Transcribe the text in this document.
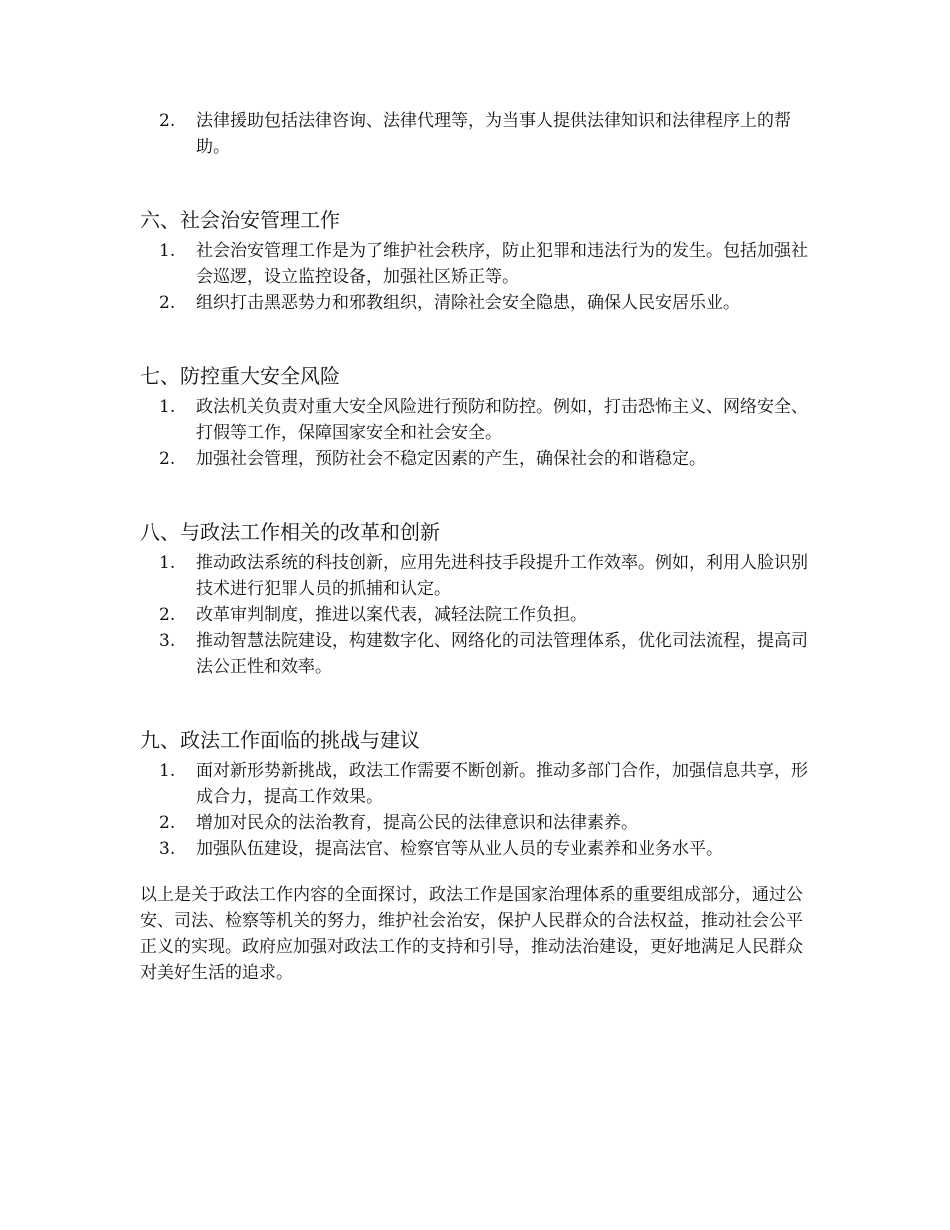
2. 法律援助包括法律咨询、法律代理等，为当事人提供法律知识和法律程序上的帮助。
六、社会治安管理工作
1. 社会治安管理工作是为了维护社会秩序，防止犯罪和违法行为的发生。包括加强社会巡逻，设立监控设备，加强社区矫正等。
2. 组织打击黑恶势力和邪教组织，清除社会安全隐患，确保人民安居乐业。
七、防控重大安全风险
1. 政法机关负责对重大安全风险进行预防和防控。例如，打击恐怖主义、网络安全、打假等工作，保障国家安全和社会安全。
2. 加强社会管理，预防社会不稳定因素的产生，确保社会的和谐稳定。
八、与政法工作相关的改革和创新
1. 推动政法系统的科技创新，应用先进科技手段提升工作效率。例如，利用人脸识别技术进行犯罪人员的抓捕和认定。
2. 改革审判制度，推进以案代表，减轻法院工作负担。
3. 推动智慧法院建设，构建数字化、网络化的司法管理体系，优化司法流程，提高司法公正性和效率。
九、政法工作面临的挑战与建议
1. 面对新形势新挑战，政法工作需要不断创新。推动多部门合作，加强信息共享，形成合力，提高工作效果。
2. 增加对民众的法治教育，提高公民的法律意识和法律素养。
3. 加强队伍建设，提高法官、检察官等从业人员的专业素养和业务水平。

以上是关于政法工作内容的全面探讨，政法工作是国家治理体系的重要组成部分，通过公安、司法、检察等机关的努力，维护社会治安，保护人民群众的合法权益，推动社会公平正义的实现。政府应加强对政法工作的支持和引导，推动法治建设，更好地满足人民群众对美好生活的追求。
